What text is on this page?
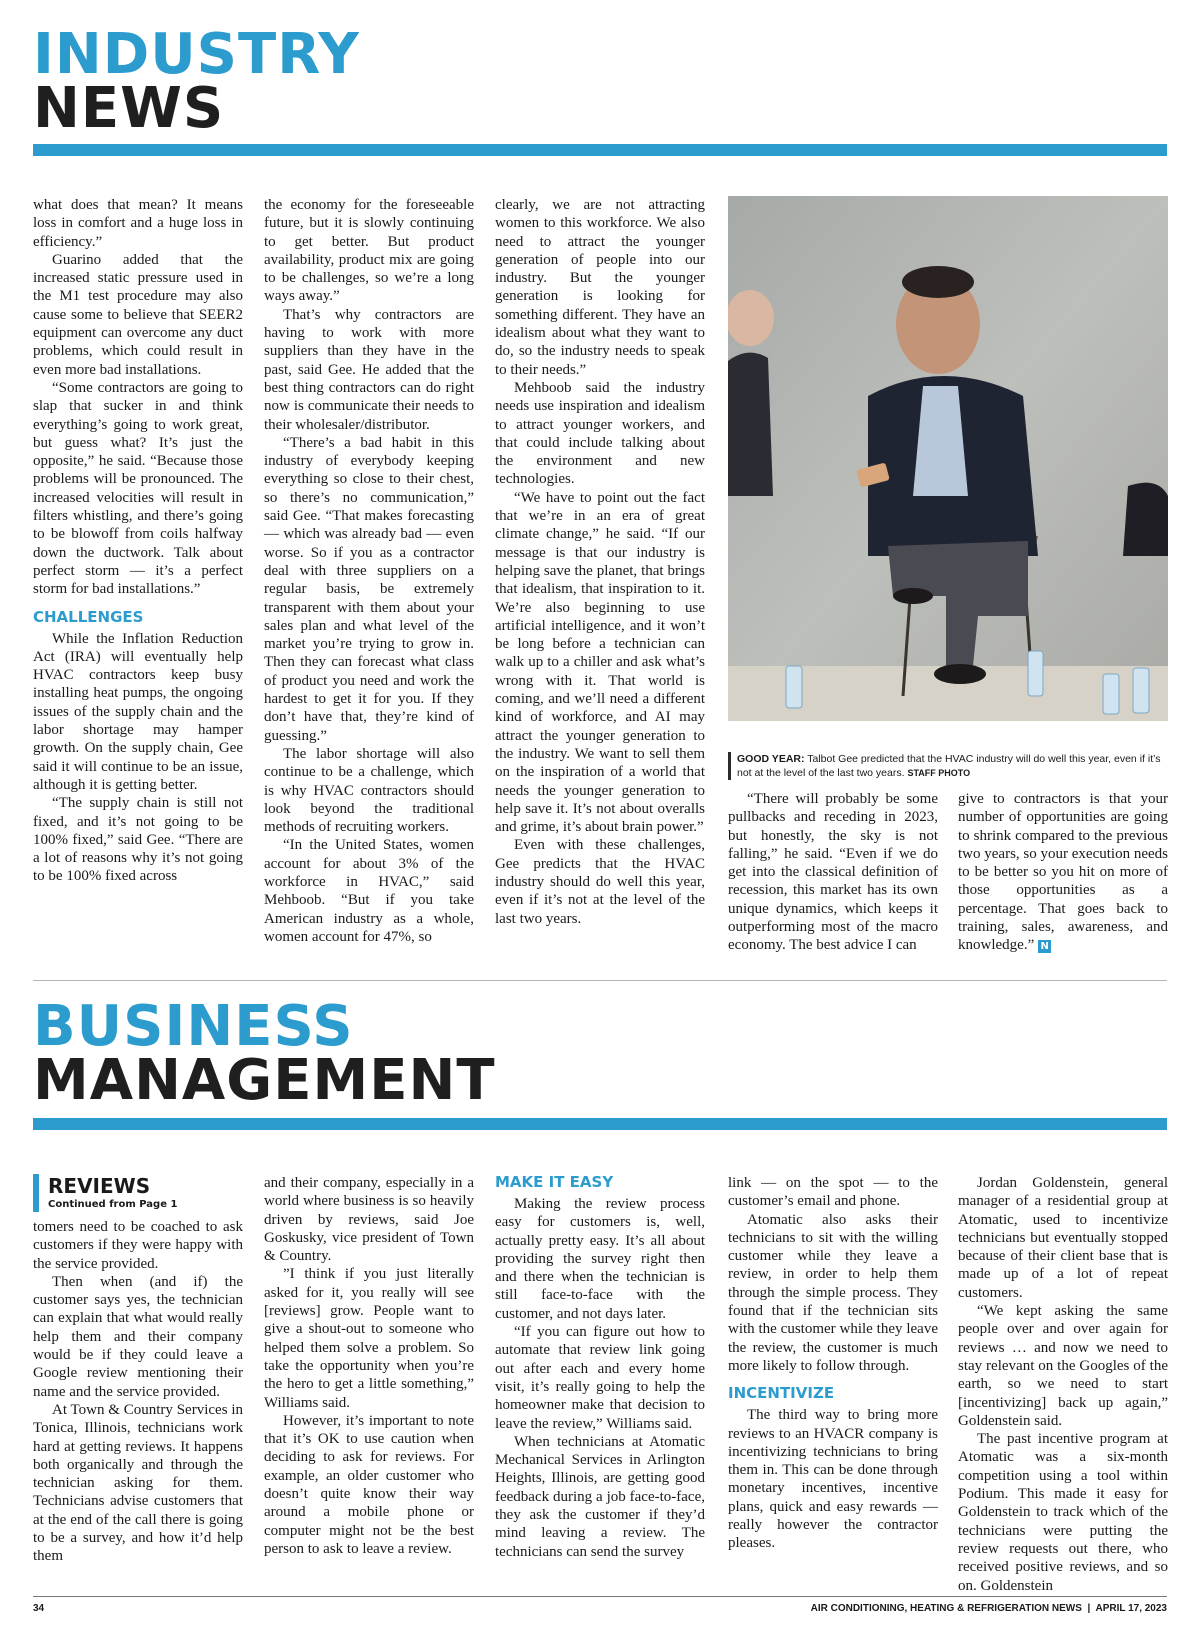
INDUSTRY
NEWS

what does that mean? It means loss in comfort and a huge loss in efficiency.”

Guarino added that the increased static pressure used in the M1 test procedure may also cause some to believe that SEER2 equipment can overcome any duct problems, which could result in even more bad installations.

“Some contractors are going to slap that sucker in and think everything’s going to work great, but guess what? It’s just the opposite,” he said. “Because those problems will be pronounced. The increased velocities will result in filters whistling, and there’s going to be blowoff from coils halfway down the ductwork. Talk about perfect storm — it’s a perfect storm for bad installations.”

CHALLENGES

While the Inflation Reduction Act (IRA) will eventually help HVAC contractors keep busy installing heat pumps, the ongoing issues of the supply chain and the labor shortage may hamper growth. On the supply chain, Gee said it will continue to be an issue, although it is getting better.

“The supply chain is still not fixed, and it’s not going to be 100% fixed,” said Gee. “There are a lot of reasons why it’s not going to be 100% fixed across

the economy for the foreseeable future, but it is slowly continuing to get better. But product availability, product mix are going to be challenges, so we’re a long ways away.”

That’s why contractors are having to work with more suppliers than they have in the past, said Gee. He added that the best thing contractors can do right now is communicate their needs to their wholesaler/distributor.

“There’s a bad habit in this industry of everybody keeping everything so close to their chest, so there’s no communication,” said Gee. “That makes forecasting — which was already bad — even worse. So if you as a contractor deal with three suppliers on a regular basis, be extremely transparent with them about your sales plan and what level of the market you’re trying to grow in. Then they can forecast what class of product you need and work the hardest to get it for you. If they don’t have that, they’re kind of guessing.”

The labor shortage will also continue to be a challenge, which is why HVAC contractors should look beyond the traditional methods of recruiting workers.

“In the United States, women account for about 3% of the workforce in HVAC,” said Mehboob. “But if you take American industry as a whole, women account for 47%, so

clearly, we are not attracting women to this workforce. We also need to attract the younger generation of people into our industry. But the younger generation is looking for something different. They have an idealism about what they want to do, so the industry needs to speak to their needs.”

Mehboob said the industry needs use inspiration and idealism to attract younger workers, and that could include talking about the environment and new technologies.

“We have to point out the fact that we’re in an era of great climate change,” he said. “If our message is that our industry is helping save the planet, that brings that idealism, that inspiration to it. We’re also beginning to use artificial intelligence, and it won’t be long before a technician can walk up to a chiller and ask what’s wrong with it. That world is coming, and we’ll need a different kind of workforce, and AI may attract the younger generation to the industry. We want to sell them on the inspiration of a world that needs the younger generation to help save it. It’s not about overalls and grime, it’s about brain power.”

Even with these challenges, Gee predicts that the HVAC industry should do well this year, even if it’s not at the level of the last two years.

GOOD YEAR: Talbot Gee predicted that the HVAC industry will do well this year, even if it’s not at the level of the last two years. STAFF PHOTO

“There will probably be some pullbacks and receding in 2023, but honestly, the sky is not falling,” he said. “Even if we do get into the classical definition of recession, this market has its own unique dynamics, which keeps it outperforming most of the macro economy. The best advice I can

give to contractors is that your number of opportunities are going to shrink compared to the previous two years, so your execution needs to be better so you hit on more of those opportunities as a percentage. That goes back to training, sales, awareness, and knowledge.” N

BUSINESS
MANAGEMENT
REVIEWS
Continued from Page 1

tomers need to be coached to ask customers if they were happy with the service provided.

Then when (and if) the customer says yes, the technician can explain that what would really help them and their company would be if they could leave a Google review mentioning their name and the service provided.

At Town & Country Services in Tonica, Illinois, technicians work hard at getting reviews. It happens both organically and through the technician asking for them. Technicians advise customers that at the end of the call there is going to be a survey, and how it’d help them

and their company, especially in a world where business is so heavily driven by reviews, said Joe Goskusky, vice president of Town & Country.

”I think if you just literally asked for it, you really will see [reviews] grow. People want to give a shout-out to someone who helped them solve a problem. So take the opportunity when you’re the hero to get a little something,” Williams said.

However, it’s important to note that it’s OK to use caution when deciding to ask for reviews. For example, an older customer who doesn’t quite know their way around a mobile phone or computer might not be the best person to ask to leave a review.

MAKE IT EASY

Making the review process easy for customers is, well, actually pretty easy. It’s all about providing the survey right then and there when the technician is still face-to-face with the customer, and not days later.

“If you can figure out how to automate that review link going out after each and every home visit, it’s really going to help the homeowner make that decision to leave the review,” Williams said.

When technicians at Atomatic Mechanical Services in Arlington Heights, Illinois, are getting good feedback during a job face-to-face, they ask the customer if they’d mind leaving a review. The technicians can send the survey

link — on the spot — to the customer’s email and phone.

Atomatic also asks their technicians to sit with the willing customer while they leave a review, in order to help them through the simple process. They found that if the technician sits with the customer while they leave the review, the customer is much more likely to follow through.

INCENTIVIZE

The third way to bring more reviews to an HVACR company is incentivizing technicians to bring them in. This can be done through monetary incentives, incentive plans, quick and easy rewards — really however the contractor pleases.

Jordan Goldenstein, general manager of a residential group at Atomatic, used to incentivize technicians but eventually stopped because of their client base that is made up of a lot of repeat customers.

“We kept asking the same people over and over again for reviews … and now we need to stay relevant on the Googles of the earth, so we need to start [incentivizing] back up again,” Goldenstein said.

The past incentive program at Atomatic was a six-month competition using a tool within Podium. This made it easy for Goldenstein to track which of the technicians were putting the review requests out there, who received positive reviews, and so on. Goldenstein

34	AIR CONDITIONING, HEATING & REFRIGERATION NEWS | APRIL 17, 2023
